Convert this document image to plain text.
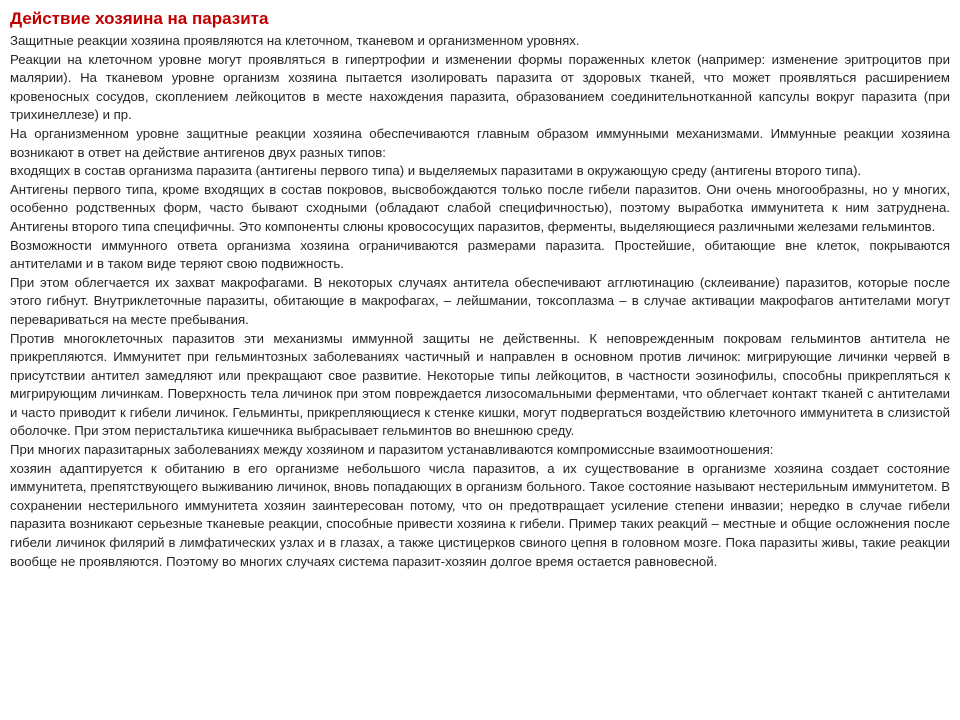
Действие хозяина на паразита

Защитные реакции хозяина проявляются на клеточном, тканевом и организменном уровнях.

Реакции на клеточном уровне могут проявляться в гипертрофии и изменении формы пораженных клеток (например: изменение эритроцитов при малярии). На тканевом уровне организм хозяина пытается изолировать паразита от здоровых тканей, что может проявляться расширением кровеносных сосудов, скоплением лейкоцитов в месте нахождения паразита, образованием соединительнотканной капсулы вокруг паразита (при трихинеллезе) и пр.

На организменном уровне защитные реакции хозяина обеспечиваются главным образом иммунными механизмами. Иммунные реакции хозяина возникают в ответ на действие антигенов двух разных типов:

входящих в состав организма паразита (антигены первого типа) и выделяемых паразитами в окружающую среду (антигены второго типа).

Антигены первого типа, кроме входящих в состав покровов, высвобождаются только после гибели паразитов. Они очень многообразны, но у многих, особенно родственных форм, часто бывают сходными (обладают слабой специфичностью), поэтому выработка иммунитета к ним затруднена. Антигены второго типа специфичны. Это компоненты слюны кровососущих паразитов, ферменты, выделяющиеся различными железами гельминтов.

Возможности иммунного ответа организма хозяина ограничиваются размерами паразита. Простейшие, обитающие вне клеток, покрываются антителами и в таком виде теряют свою подвижность.

При этом облегчается их захват макрофагами. В некоторых случаях антитела обеспечивают агглютинацию (склеивание) паразитов, которые после этого гибнут. Внутриклеточные паразиты, обитающие в макрофагах, – лейшмании, токсоплазма – в случае активации макрофагов антителами могут перевариваться на месте пребывания.

Против многоклеточных паразитов эти механизмы иммунной защиты не действенны. К неповрежденным покровам гельминтов антитела не прикрепляются. Иммунитет при гельминтозных заболеваниях частичный и направлен в основном против личинок: мигрирующие личинки червей в присутствии антител замедляют или прекращают свое развитие. Некоторые типы лейкоцитов, в частности эозинофилы, способны прикрепляться к мигрирующим личинкам. Поверхность тела личинок при этом повреждается лизосомальными ферментами, что облегчает контакт тканей с антителами и часто приводит к гибели личинок. Гельминты, прикрепляющиеся к стенке кишки, могут подвергаться воздействию клеточного иммунитета в слизистой оболочке. При этом перистальтика кишечника выбрасывает гельминтов во внешнюю среду.

При многих паразитарных заболеваниях между хозяином и паразитом устанавливаются компромиссные взаимоотношения:

хозяин адаптируется к обитанию в его организме небольшого числа паразитов, а их существование в организме хозяина создает состояние иммунитета, препятствующего выживанию личинок, вновь попадающих в организм больного. Такое состояние называют нестерильным иммунитетом. В сохранении нестерильного иммунитета хозяин заинтересован потому, что он предотвращает усиление степени инвазии; нередко в случае гибели паразита возникают серьезные тканевые реакции, способные привести хозяина к гибели. Пример таких реакций – местные и общие осложнения после гибели личинок филярий в лимфатических узлах и в глазах, а также цистицерков свиного цепня в головном мозге. Пока паразиты живы, такие реакции вообще не проявляются. Поэтому во многих случаях система паразит-хозяин долгое время остается равновесной.
